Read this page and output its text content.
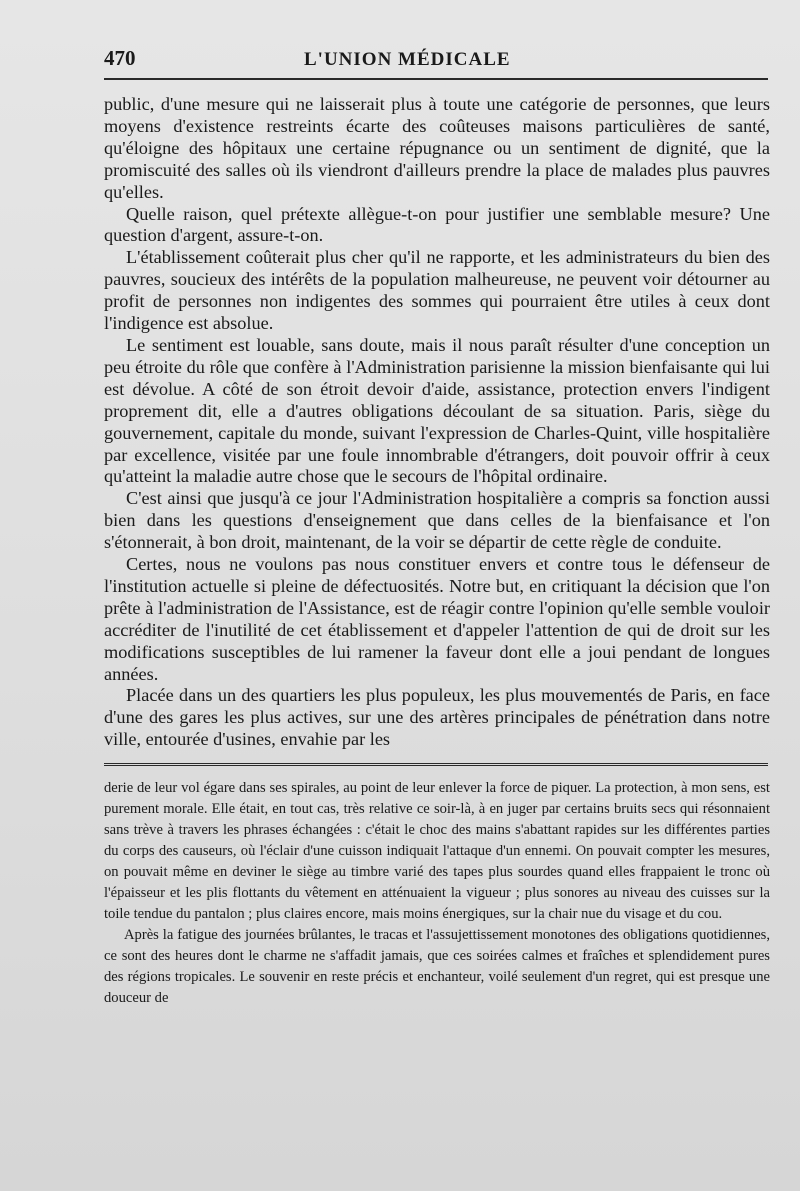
470	L'UNION MÉDICALE

public, d'une mesure qui ne laisserait plus à toute une catégorie de personnes, que leurs moyens d'existence restreints écarte des coûteuses maisons particulières de santé, qu'éloigne des hôpitaux une certaine répugnance ou un sentiment de dignité, que la promiscuité des salles où ils viendront d'ailleurs prendre la place de malades plus pauvres qu'elles.

Quelle raison, quel prétexte allègue-t-on pour justifier une semblable mesure? Une question d'argent, assure-t-on.

L'établissement coûterait plus cher qu'il ne rapporte, et les administrateurs du bien des pauvres, soucieux des intérêts de la population malheureuse, ne peuvent voir détourner au profit de personnes non indigentes des sommes qui pourraient être utiles à ceux dont l'indigence est absolue.

Le sentiment est louable, sans doute, mais il nous paraît résulter d'une conception un peu étroite du rôle que confère à l'Administration parisienne la mission bienfaisante qui lui est dévolue. A côté de son étroit devoir d'aide, assistance, protection envers l'indigent proprement dit, elle a d'autres obligations découlant de sa situation. Paris, siège du gouvernement, capitale du monde, suivant l'expression de Charles-Quint, ville hospitalière par excellence, visitée par une foule innombrable d'étrangers, doit pouvoir offrir à ceux qu'atteint la maladie autre chose que le secours de l'hôpital ordinaire.

C'est ainsi que jusqu'à ce jour l'Administration hospitalière a compris sa fonction aussi bien dans les questions d'enseignement que dans celles de la bienfaisance et l'on s'étonnerait, à bon droit, maintenant, de la voir se départir de cette règle de conduite.

Certes, nous ne voulons pas nous constituer envers et contre tous le défenseur de l'institution actuelle si pleine de défectuosités. Notre but, en critiquant la décision que l'on prête à l'administration de l'Assistance, est de réagir contre l'opinion qu'elle semble vouloir accréditer de l'inutilité de cet établissement et d'appeler l'attention de qui de droit sur les modifications susceptibles de lui ramener la faveur dont elle a joui pendant de longues années.

Placée dans un des quartiers les plus populeux, les plus mouvementés de Paris, en face d'une des gares les plus actives, sur une des artères principales de pénétration dans notre ville, entourée d'usines, envahie par les

derie de leur vol égare dans ses spirales, au point de leur enlever la force de piquer. La protection, à mon sens, est purement morale. Elle était, en tout cas, très relative ce soir-là, à en juger par certains bruits secs qui résonnaient sans trève à travers les phrases échangées : c'était le choc des mains s'abattant rapides sur les différentes parties du corps des causeurs, où l'éclair d'une cuisson indiquait l'attaque d'un ennemi. On pouvait compter les mesures, on pouvait même en deviner le siège au timbre varié des tapes plus sourdes quand elles frappaient le tronc où l'épaisseur et les plis flottants du vêtement en atténuaient la vigueur ; plus sonores au niveau des cuisses sur la toile tendue du pantalon ; plus claires encore, mais moins énergiques, sur la chair nue du visage et du cou.

Après la fatigue des journées brûlantes, le tracas et l'assujettissement monotones des obligations quotidiennes, ce sont des heures dont le charme ne s'affadit jamais, que ces soirées calmes et fraîches et splendidement pures des régions tropicales. Le souvenir en reste précis et enchanteur, voilé seulement d'un regret, qui est presque une douceur de
